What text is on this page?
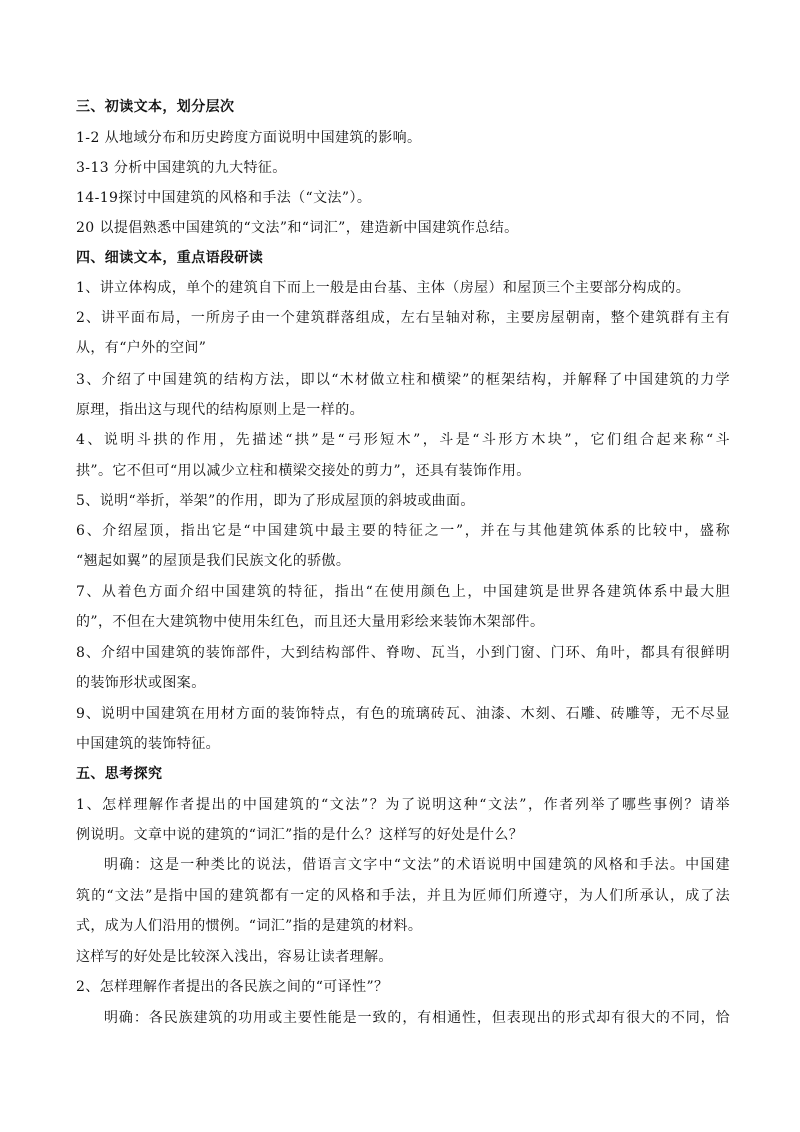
三、初读文本，划分层次
1-2 从地域分布和历史跨度方面说明中国建筑的影响。
3-13 分析中国建筑的九大特征。
14-19探讨中国建筑的风格和手法（“文法”）。
20 以提倡熟悉中国建筑的“文法”和“词汇”，建造新中国建筑作总结。
四、细读文本，重点语段研读
1、讲立体构成，单个的建筑自下而上一般是由台基、主体（房屋）和屋顶三个主要部分构成的。
2、讲平面布局，一所房子由一个建筑群落组成，左右呈轴对称，主要房屋朝南，整个建筑群有主有
从，有“户外的空间”
3、介绍了中国建筑的结构方法，即以“木材做立柱和横梁”的框架结构，并解释了中国建筑的力学
原理，指出这与现代的结构原则上是一样的。
4、说明斗拱的作用，先描述“拱”是“弓形短木”，斗是“斗形方木块”，它们组合起来称“斗
拱”。它不但可“用以减少立柱和横梁交接处的剪力”，还具有装饰作用。
5、说明“举折，举架”的作用，即为了形成屋顶的斜坡或曲面。
6、介绍屋顶，指出它是“中国建筑中最主要的特征之一”，并在与其他建筑体系的比较中，盛称
“翘起如翼”的屋顶是我们民族文化的骄傲。
7、从着色方面介绍中国建筑的特征，指出“在使用颜色上，中国建筑是世界各建筑体系中最大胆
的”，不但在大建筑物中使用朱红色，而且还大量用彩绘来装饰木架部件。
8、介绍中国建筑的装饰部件，大到结构部件、脊吻、瓦当，小到门窗、门环、角叶，都具有很鲜明
的装饰形状或图案。
9、说明中国建筑在用材方面的装饰特点，有色的琉璃砖瓦、油漆、木刻、石雕、砖雕等，无不尽显
中国建筑的装饰特征。
五、思考探究
1、怎样理解作者提出的中国建筑的“文法”？为了说明这种“文法”，作者列举了哪些事例？请举
例说明。文章中说的建筑的“词汇”指的是什么？这样写的好处是什么？
明确：这是一种类比的说法，借语言文字中“文法”的术语说明中国建筑的风格和手法。中国建
筑的“文法”是指中国的建筑都有一定的风格和手法，并且为匠师们所遵守，为人们所承认，成了法
式，成为人们沿用的惯例。“词汇”指的是建筑的材料。
这样写的好处是比较深入浅出，容易让读者理解。
2、怎样理解作者提出的各民族之间的“可译性”？
明确：各民族建筑的功用或主要性能是一致的，有相通性，但表现出的形式却有很大的不同，恰
